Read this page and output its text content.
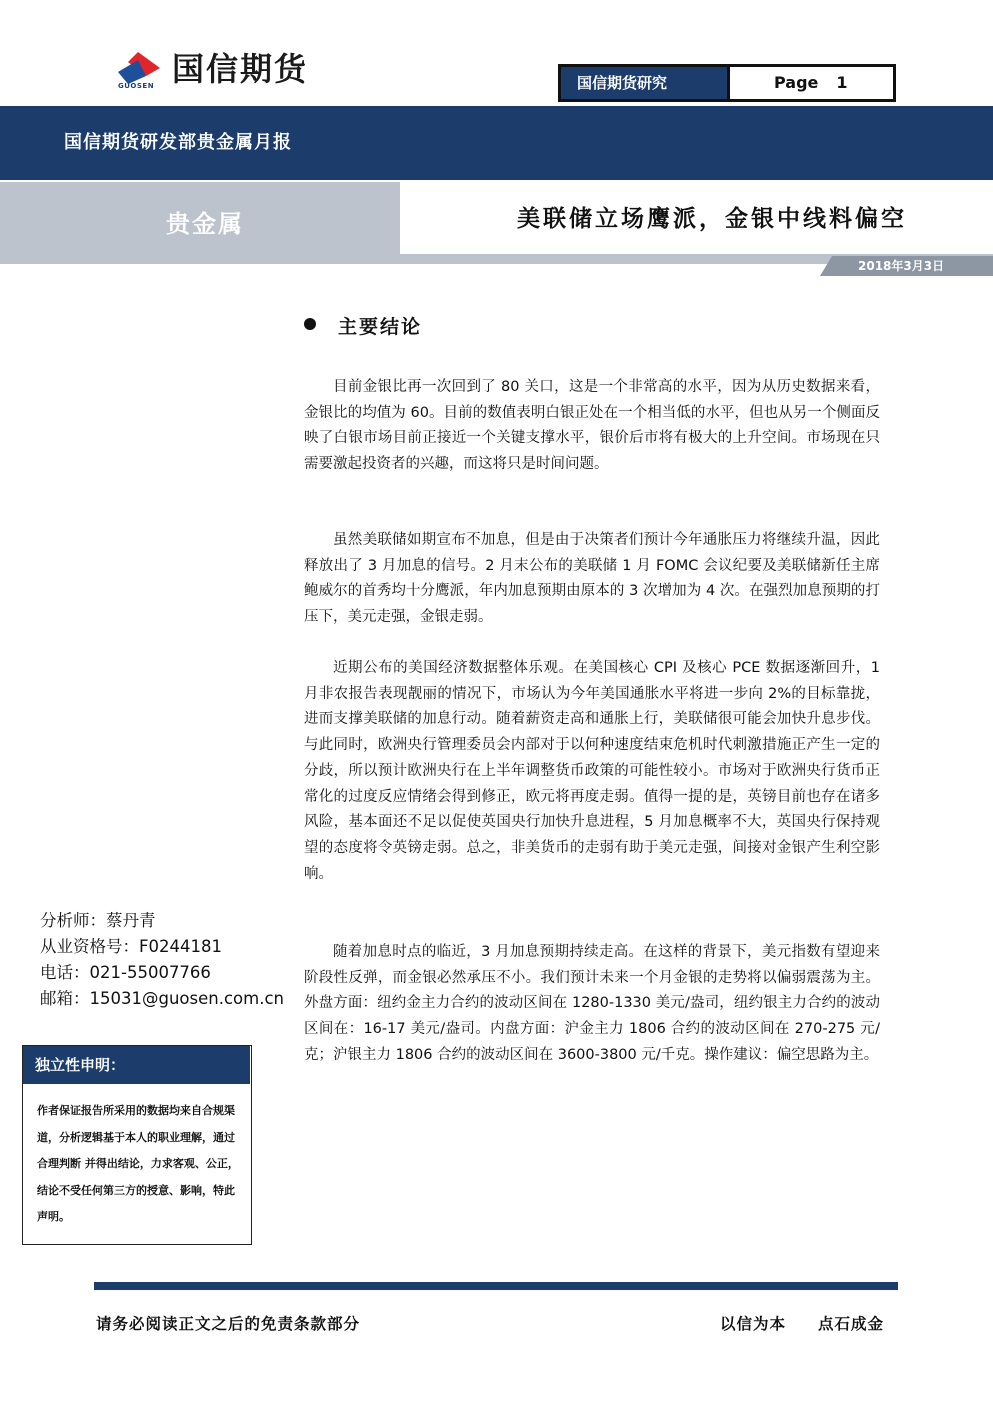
国信期货
GUOSEN	国信期货研究	Page 1
国信期货研发部贵金属月报
贵金属	美联储立场鹰派，金银中线料偏空
2018年3月3日
主要结论

目前金银比再一次回到了 80 关口，这是一个非常高的水平，因为从历史数据来看，金银比的均值为 60。目前的数值表明白银正处在一个相当低的水平，但也从另一个侧面反映了白银市场目前正接近一个关键支撑水平，银价后市将有极大的上升空间。市场现在只需要激起投资者的兴趣，而这将只是时间问题。

虽然美联储如期宣布不加息，但是由于决策者们预计今年通胀压力将继续升温，因此释放出了 3 月加息的信号。2 月末公布的美联储 1 月 FOMC 会议纪要及美联储新任主席鲍威尔的首秀均十分鹰派，年内加息预期由原本的 3 次增加为 4 次。在强烈加息预期的打压下，美元走强，金银走弱。

近期公布的美国经济数据整体乐观。在美国核心 CPI 及核心 PCE 数据逐渐回升，1 月非农报告表现靓丽的情况下，市场认为今年美国通胀水平将进一步向 2%的目标靠拢，进而支撑美联储的加息行动。随着薪资走高和通胀上行，美联储很可能会加快升息步伐。与此同时，欧洲央行管理委员会内部对于以何种速度结束危机时代刺激措施正产生一定的分歧，所以预计欧洲央行在上半年调整货币政策的可能性较小。市场对于欧洲央行货币正常化的过度反应情绪会得到修正，欧元将再度走弱。值得一提的是，英镑目前也存在诸多风险，基本面还不足以促使英国央行加快升息进程，5 月加息概率不大，英国央行保持观望的态度将令英镑走弱。总之，非美货币的走弱有助于美元走强，间接对金银产生利空影响。

随着加息时点的临近，3 月加息预期持续走高。在这样的背景下，美元指数有望迎来阶段性反弹，而金银必然承压不小。我们预计未来一个月金银的走势将以偏弱震荡为主。外盘方面：纽约金主力合约的波动区间在 1280-1330 美元/盎司，纽约银主力合约的波动区间在：16-17 美元/盎司。内盘方面：沪金主力 1806 合约的波动区间在 270-275 元/克；沪银主力 1806 合约的波动区间在 3600-3800 元/千克。操作建议：偏空思路为主。

分析师：蔡丹青
从业资格号：F0244181
电话：021-55007766
邮箱：15031@guosen.com.cn
独立性申明：
作者保证报告所采用的数据均来自合规渠道，分析逻辑基于本人的职业理解，通过合理判断 并得出结论，力求客观、公正，结论不受任何第三方的授意、影响，特此声明。
请务必阅读正文之后的免责条款部分	以信为本 点石成金
